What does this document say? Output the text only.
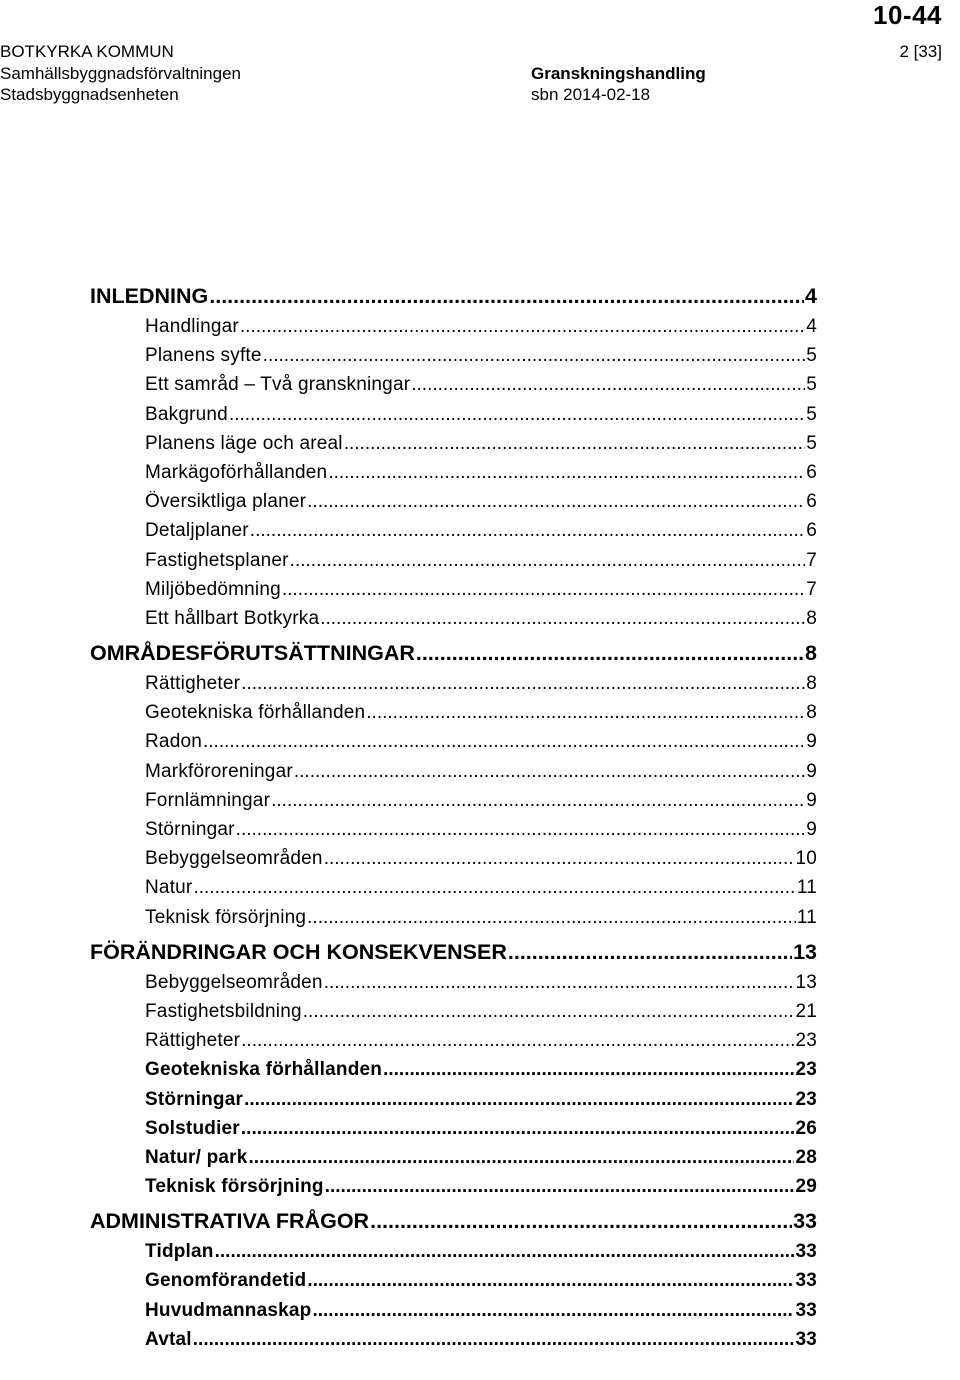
10-44
BOTKYRKA KOMMUN
Samhällsbyggnadsförvaltningen
Stadsbyggnadsenheten
Granskningshandling
sbn 2014-02-18
2 [33]
INLEDNING .....	4
Handlingar .....	4
Planens syfte .....	5
Ett samråd – Två granskningar .....	5
Bakgrund .....	5
Planens läge och areal .....	5
Markägoförhållanden .....	6
Översiktliga planer .....	6
Detaljplaner .....	6
Fastighetsplaner .....	7
Miljöbedömning .....	7
Ett hållbart Botkyrka .....	8
OMRÅDESFÖRUTSÄTTNINGAR .....	8
Rättigheter .....	8
Geotekniska förhållanden .....	8
Radon .....	9
Markföroreningar .....	9
Fornlämningar .....	9
Störningar .....	9
Bebyggelseområden .....	10
Natur .....	11
Teknisk försörjning .....	11
FÖRÄNDRINGAR OCH KONSEKVENSER .....	13
Bebyggelseområden .....	13
Fastighetsbildning .....	21
Rättigheter .....	23
Geotekniska förhållanden .....	23
Störningar .....	23
Solstudier .....	26
Natur/ park .....	28
Teknisk försörjning .....	29
ADMINISTRATIVA FRÅGOR .....	33
Tidplan .....	33
Genomförandetid .....	33
Huvudmannaskap .....	33
Avtal .....	33
